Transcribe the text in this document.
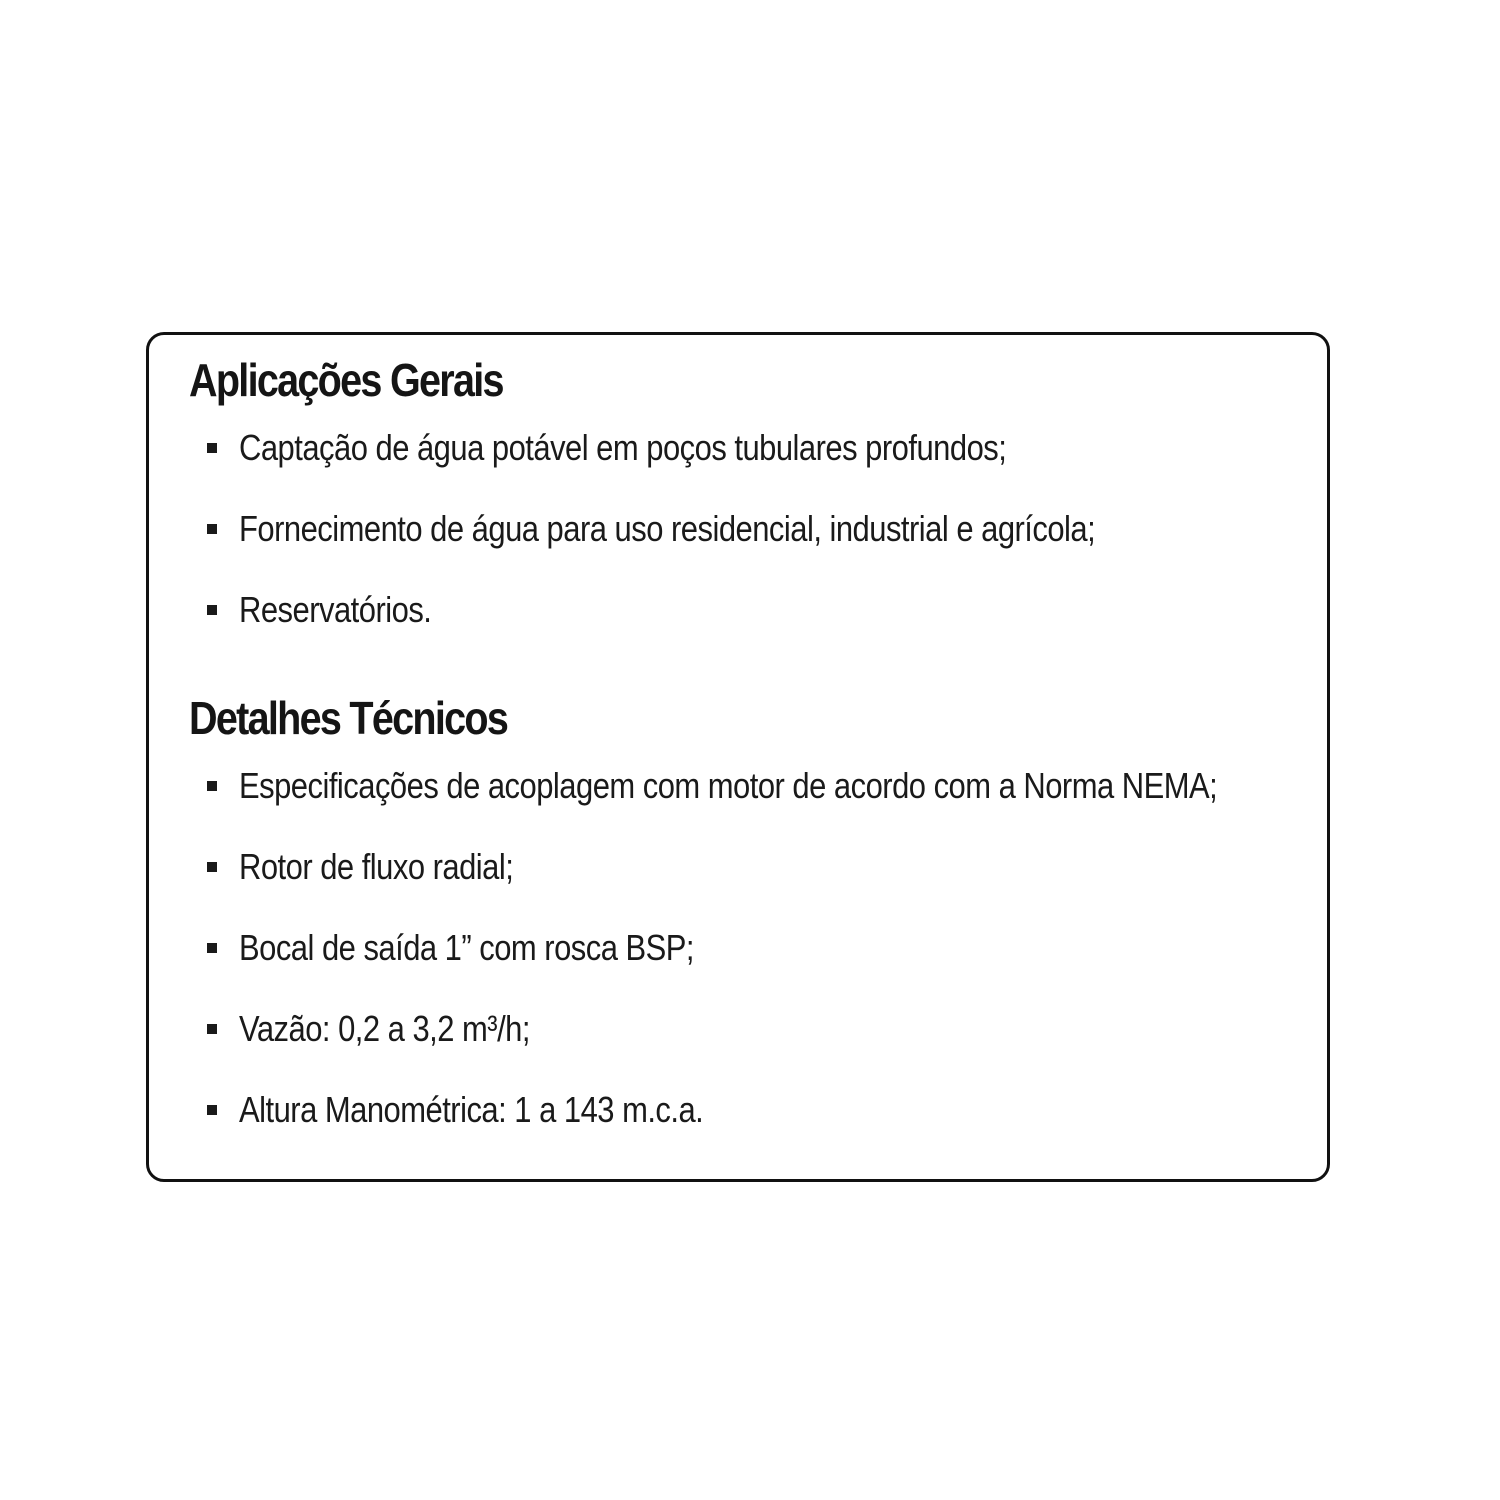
Aplicações Gerais
Captação de água potável em poços tubulares profundos;
Fornecimento de água para uso residencial, industrial e agrícola;
Reservatórios.
Detalhes Técnicos
Especificações de acoplagem com motor de acordo com a Norma NEMA;
Rotor de fluxo radial;
Bocal de saída 1” com rosca BSP;
Vazão: 0,2 a 3,2 m³/h;
Altura Manométrica: 1 a 143 m.c.a.
